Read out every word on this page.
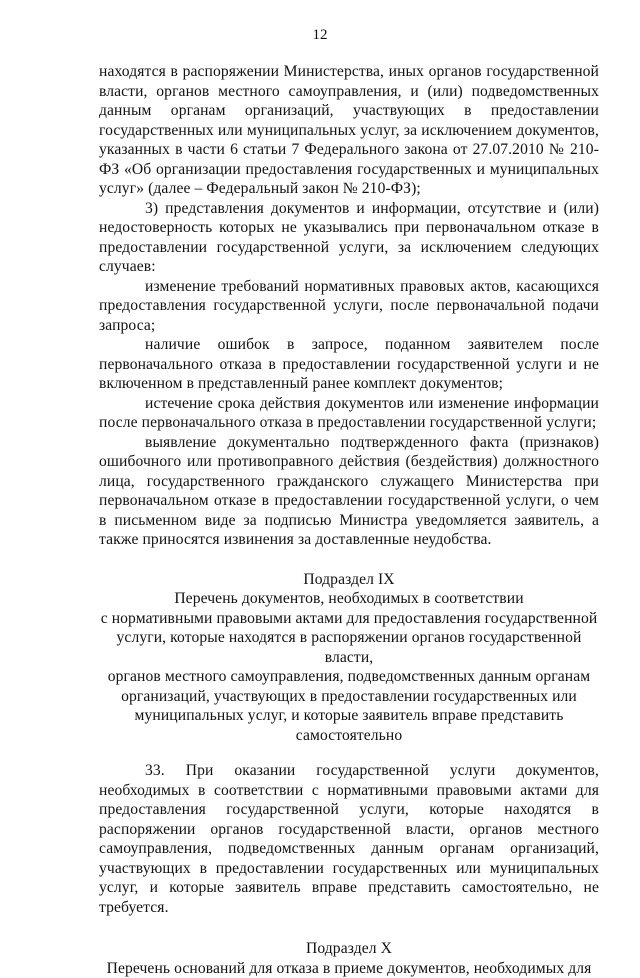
12

находятся в распоряжении Министерства, иных органов государственной власти, органов местного самоуправления, и (или) подведомственных данным органам организаций, участвующих в предоставлении государственных или муниципальных услуг, за исключением документов, указанных в части 6 статьи 7 Федерального закона от 27.07.2010 № 210-ФЗ «Об организации предоставления государственных и муниципальных услуг» (далее – Федеральный закон № 210-ФЗ);

3) представления документов и информации, отсутствие и (или) недостоверность которых не указывались при первоначальном отказе в предоставлении государственной услуги, за исключением следующих случаев:

изменение требований нормативных правовых актов, касающихся предоставления государственной услуги, после первоначальной подачи запроса;

наличие ошибок в запросе, поданном заявителем после первоначального отказа в предоставлении государственной услуги и не включенном в представленный ранее комплект документов;

истечение срока действия документов или изменение информации после первоначального отказа в предоставлении государственной услуги;

выявление документально подтвержденного факта (признаков) ошибочного или противоправного действия (бездействия) должностного лица, государственного гражданского служащего Министерства при первоначальном отказе в предоставлении государственной услуги, о чем в письменном виде за подписью Министра уведомляется заявитель, а также приносятся извинения за доставленные неудобства.

Подраздел IX

Перечень документов, необходимых в соответствии

с нормативными правовыми актами для предоставления государственной

услуги, которые находятся в распоряжении органов государственной власти,

органов местного самоуправления, подведомственных данным органам

организаций, участвующих в предоставлении государственных или

муниципальных услуг, и которые заявитель вправе представить

самостоятельно

33. При оказании государственной услуги документов, необходимых в соответствии с нормативными правовыми актами для предоставления государственной услуги, которые находятся в распоряжении органов государственной власти, органов местного самоуправления, подведомственных данным органам организаций, участвующих в предоставлении государственных или муниципальных услуг, и которые заявитель вправе представить самостоятельно, не требуется.

Подраздел X

Перечень оснований для отказа в приеме документов, необходимых для
